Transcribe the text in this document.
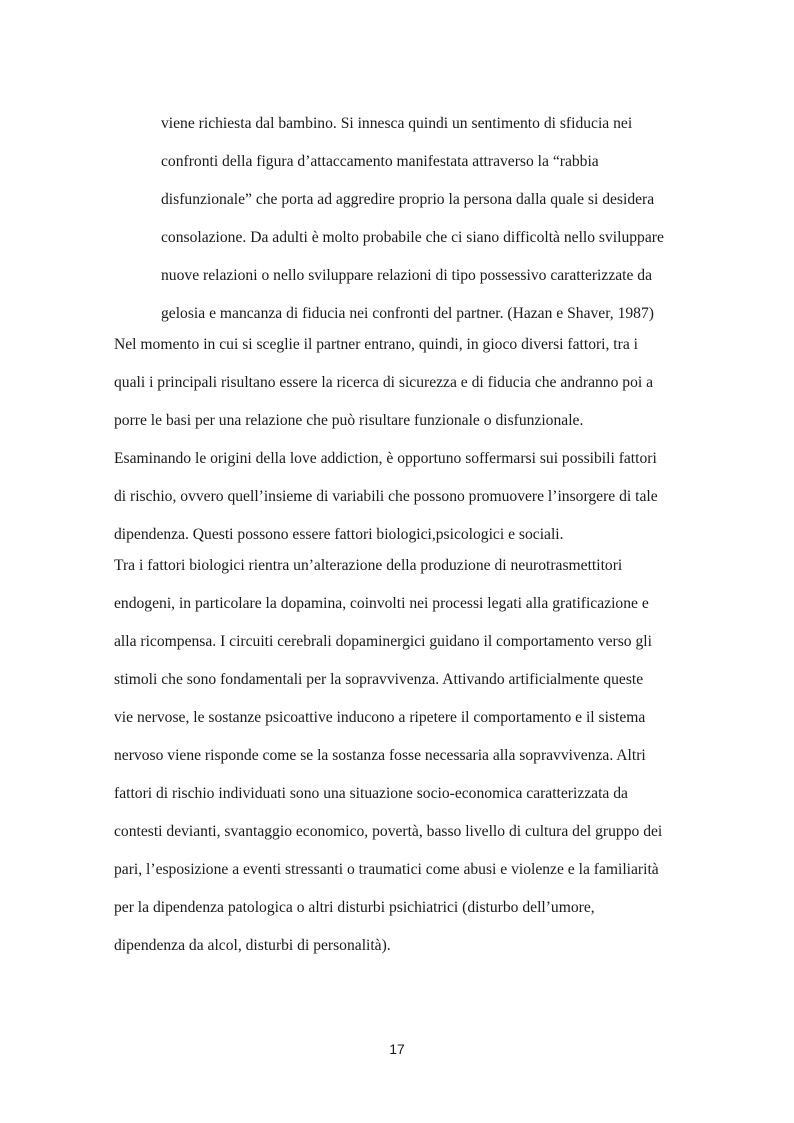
viene richiesta dal bambino. Si innesca quindi un sentimento di sfiducia nei
confronti della figura d’attaccamento manifestata attraverso la “rabbia
disfunzionale” che porta ad aggredire proprio la persona dalla quale si desidera
consolazione. Da adulti è molto probabile che ci siano difficoltà nello sviluppare
nuove relazioni o nello sviluppare relazioni di tipo possessivo caratterizzate da
gelosia e mancanza di fiducia nei confronti del partner. (Hazan e Shaver, 1987)
Nel momento in cui si sceglie il partner entrano, quindi, in gioco diversi fattori, tra i
quali i principali risultano essere la ricerca di sicurezza e di fiducia che andranno poi a
porre le basi per una relazione che può risultare funzionale o disfunzionale.
Esaminando le origini della love addiction, è opportuno soffermarsi sui possibili fattori
di rischio, ovvero quell’insieme di variabili che possono promuovere l’insorgere di tale
dipendenza. Questi possono essere fattori biologici,psicologici e sociali.
Tra i fattori biologici rientra un’alterazione della produzione di neurotrasmettitori
endogeni, in particolare la dopamina, coinvolti nei processi legati alla gratificazione e
alla ricompensa. I circuiti cerebrali dopaminergici guidano il comportamento verso gli
stimoli che sono fondamentali per la sopravvivenza. Attivando artificialmente queste
vie nervose, le sostanze psicoattive inducono a ripetere il comportamento e il sistema
nervoso viene risponde come se la sostanza fosse necessaria alla sopravvivenza. Altri
fattori di rischio individuati sono una situazione socio-economica caratterizzata da
contesti devianti, svantaggio economico, povertà, basso livello di cultura del gruppo dei
pari, l’esposizione a eventi stressanti o traumatici come abusi e violenze e la familiarità
per la dipendenza patologica o altri disturbi psichiatrici (disturbo dell’umore,
dipendenza da alcol, disturbi di personalità).
17
